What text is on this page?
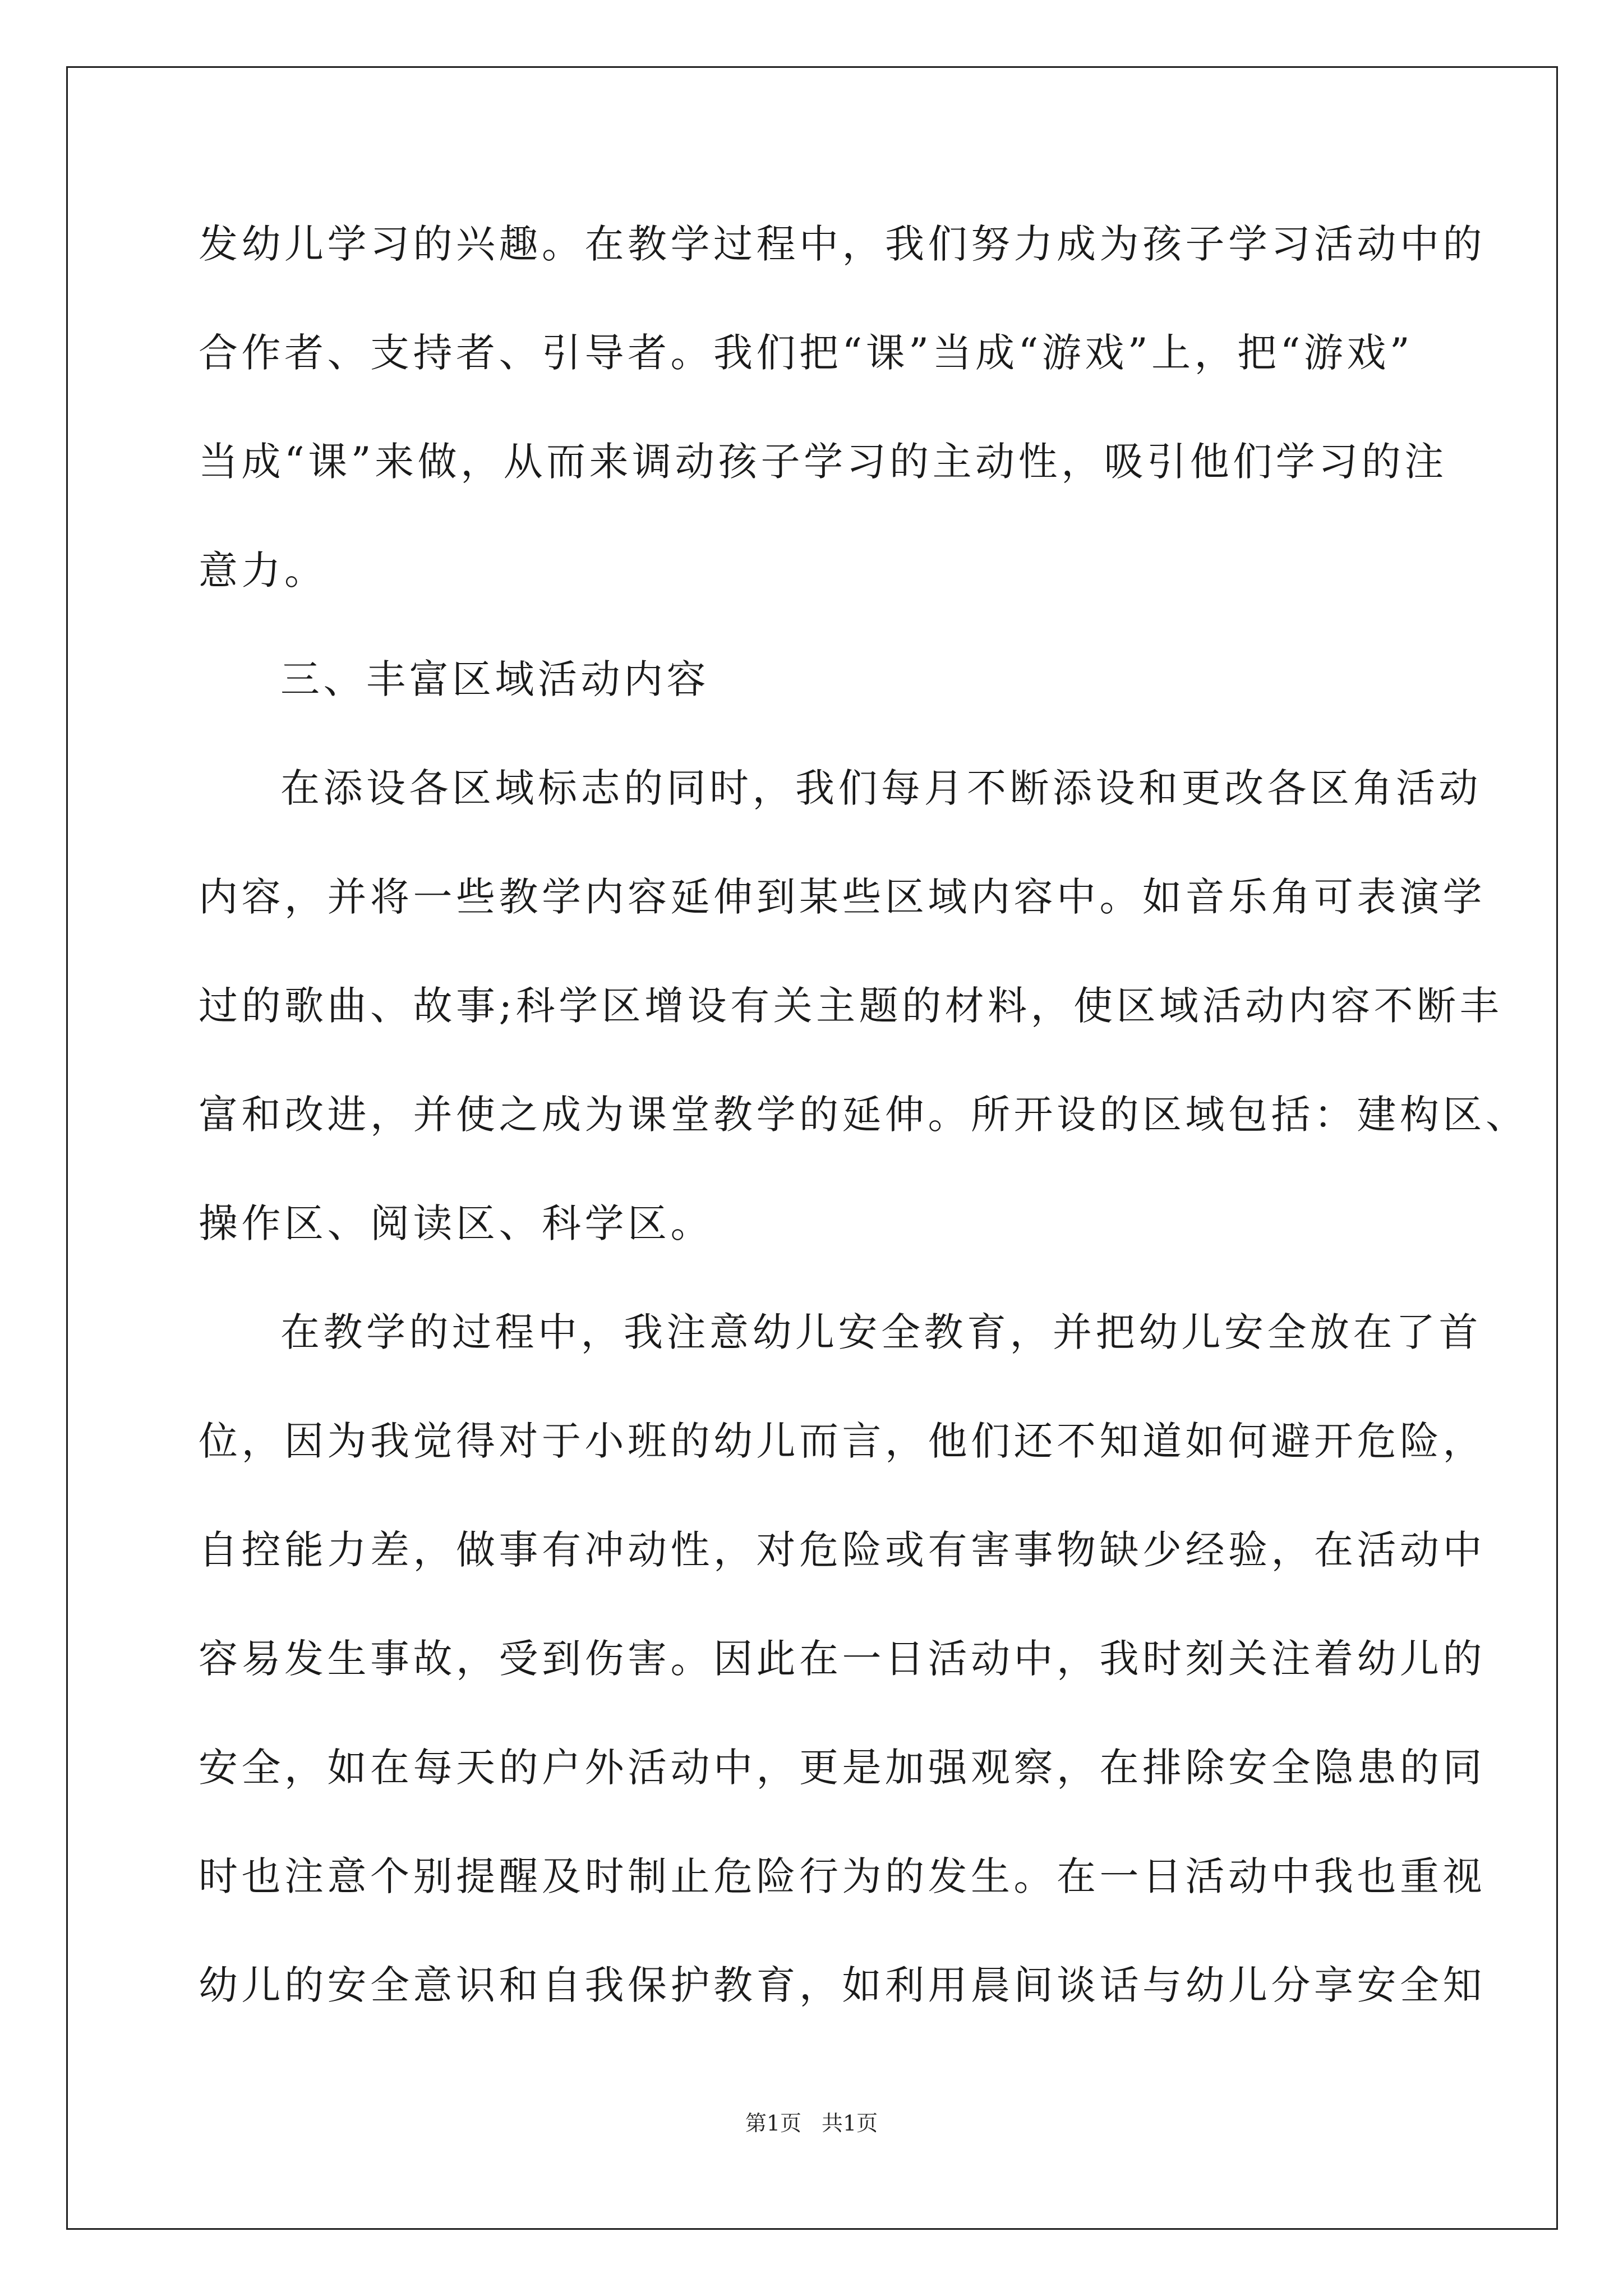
发幼儿学习的兴趣。在教学过程中，我们努力成为孩子学习活动中的
合作者、支持者、引导者。我们把“课”当成“游戏”上，把“游戏”
当成“课”来做，从而来调动孩子学习的主动性，吸引他们学习的注
意力。
三、丰富区域活动内容
在添设各区域标志的同时，我们每月不断添设和更改各区角活动
内容，并将一些教学内容延伸到某些区域内容中。如音乐角可表演学
过的歌曲、故事;科学区增设有关主题的材料，使区域活动内容不断丰
富和改进，并使之成为课堂教学的延伸。所开设的区域包括：建构区、
操作区、阅读区、科学区。
在教学的过程中，我注意幼儿安全教育，并把幼儿安全放在了首
位，因为我觉得对于小班的幼儿而言，他们还不知道如何避开危险，
自控能力差，做事有冲动性，对危险或有害事物缺少经验，在活动中
容易发生事故，受到伤害。因此在一日活动中，我时刻关注着幼儿的
安全，如在每天的户外活动中，更是加强观察，在排除安全隐患的同
时也注意个别提醒及时制止危险行为的发生。在一日活动中我也重视
幼儿的安全意识和自我保护教育，如利用晨间谈话与幼儿分享安全知
第1页 共1页
